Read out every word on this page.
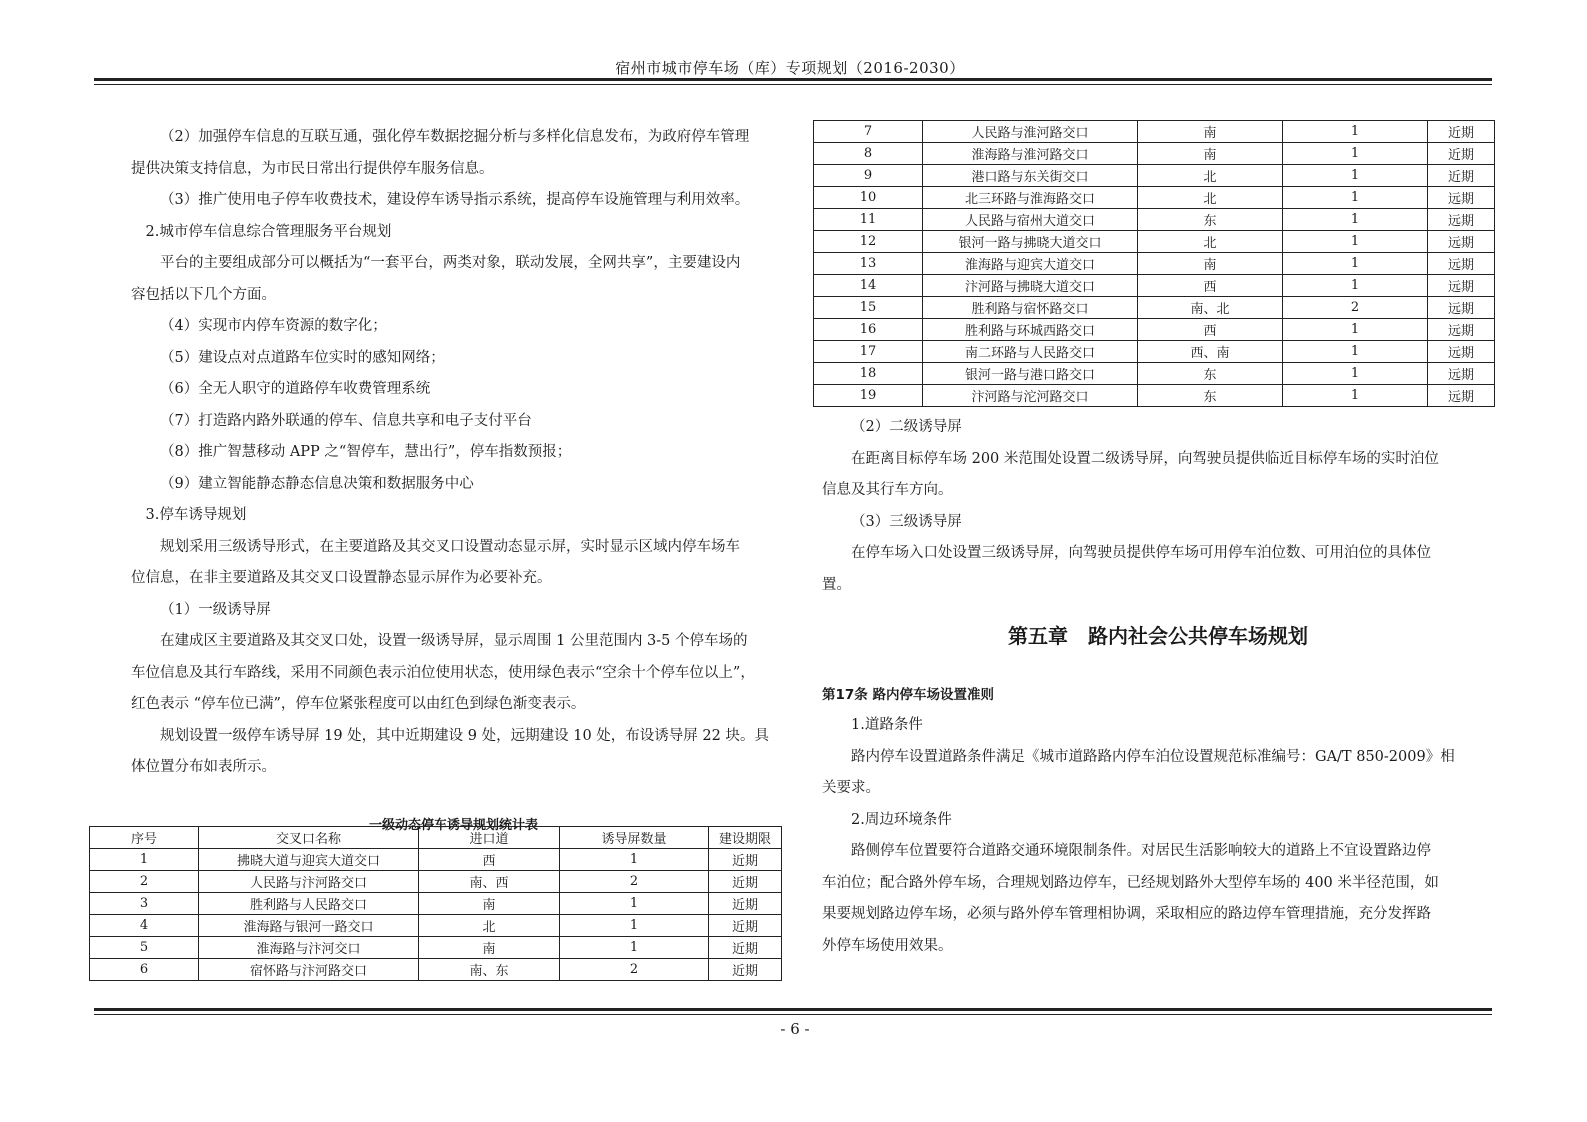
宿州市城市停车场（库）专项规划（2016-2030）

（2）加强停车信息的互联互通，强化停车数据挖掘分析与多样化信息发布，为政府停车管理

提供决策支持信息，为市民日常出行提供停车服务信息。

（3）推广使用电子停车收费技术，建设停车诱导指示系统，提高停车设施管理与利用效率。

2.城市停车信息综合管理服务平台规划

平台的主要组成部分可以概括为“一套平台，两类对象，联动发展，全网共享”，主要建设内

容包括以下几个方面。

（4）实现市内停车资源的数字化；

（5）建设点对点道路车位实时的感知网络；

（6）全无人职守的道路停车收费管理系统

（7）打造路内路外联通的停车、信息共享和电子支付平台

（8）推广智慧移动 APP 之“智停车，慧出行”，停车指数预报；

（9）建立智能静态静态信息决策和数据服务中心

3.停车诱导规划

规划采用三级诱导形式，在主要道路及其交叉口设置动态显示屏，实时显示区域内停车场车

位信息，在非主要道路及其交叉口设置静态显示屏作为必要补充。

（1）一级诱导屏

在建成区主要道路及其交叉口处，设置一级诱导屏，显示周围 1 公里范围内 3-5 个停车场的

车位信息及其行车路线，采用不同颜色表示泊位使用状态，使用绿色表示“空余十个停车位以上”，

红色表示 “停车位已满”，停车位紧张程度可以由红色到绿色渐变表示。

规划设置一级停车诱导屏 19 处，其中近期建设 9 处，远期建设 10 处，布设诱导屏 22 块。具

体位置分布如表所示。

一级动态停车诱导规划统计表
序号	交叉口名称	进口道	诱导屏数量	建设期限
1	拂晓大道与迎宾大道交口	西	1	近期
2	人民路与汴河路交口	南、西	2	近期
3	胜利路与人民路交口	南	1	近期
4	淮海路与银河一路交口	北	1	近期
5	淮海路与汴河交口	南	1	近期
6	宿怀路与汴河路交口	南、东	2	近期
7	人民路与淮河路交口	南	1	近期
8	淮海路与淮河路交口	南	1	近期
9	港口路与东关街交口	北	1	近期
10	北三环路与淮海路交口	北	1	远期
11	人民路与宿州大道交口	东	1	远期
12	银河一路与拂晓大道交口	北	1	远期
13	淮海路与迎宾大道交口	南	1	远期
14	汴河路与拂晓大道交口	西	1	远期
15	胜利路与宿怀路交口	南、北	2	远期
16	胜利路与环城西路交口	西	1	远期
17	南二环路与人民路交口	西、南	1	远期
18	银河一路与港口路交口	东	1	远期
19	汴河路与沱河路交口	东	1	远期

（2）二级诱导屏

在距离目标停车场 200 米范围处设置二级诱导屏，向驾驶员提供临近目标停车场的实时泊位

信息及其行车方向。

（3）三级诱导屏

在停车场入口处设置三级诱导屏，向驾驶员提供停车场可用停车泊位数、可用泊位的具体位

置。

第五章　路内社会公共停车场规划
第17条 路内停车场设置准则

1.道路条件

路内停车设置道路条件满足《城市道路路内停车泊位设置规范标准编号：GA/T 850-2009》相

关要求。

2.周边环境条件

路侧停车位置要符合道路交通环境限制条件。对居民生活影响较大的道路上不宜设置路边停

车泊位；配合路外停车场，合理规划路边停车，已经规划路外大型停车场的 400 米半径范围，如

果要规划路边停车场，必须与路外停车管理相协调，采取相应的路边停车管理措施，充分发挥路

外停车场使用效果。

- 6 -
